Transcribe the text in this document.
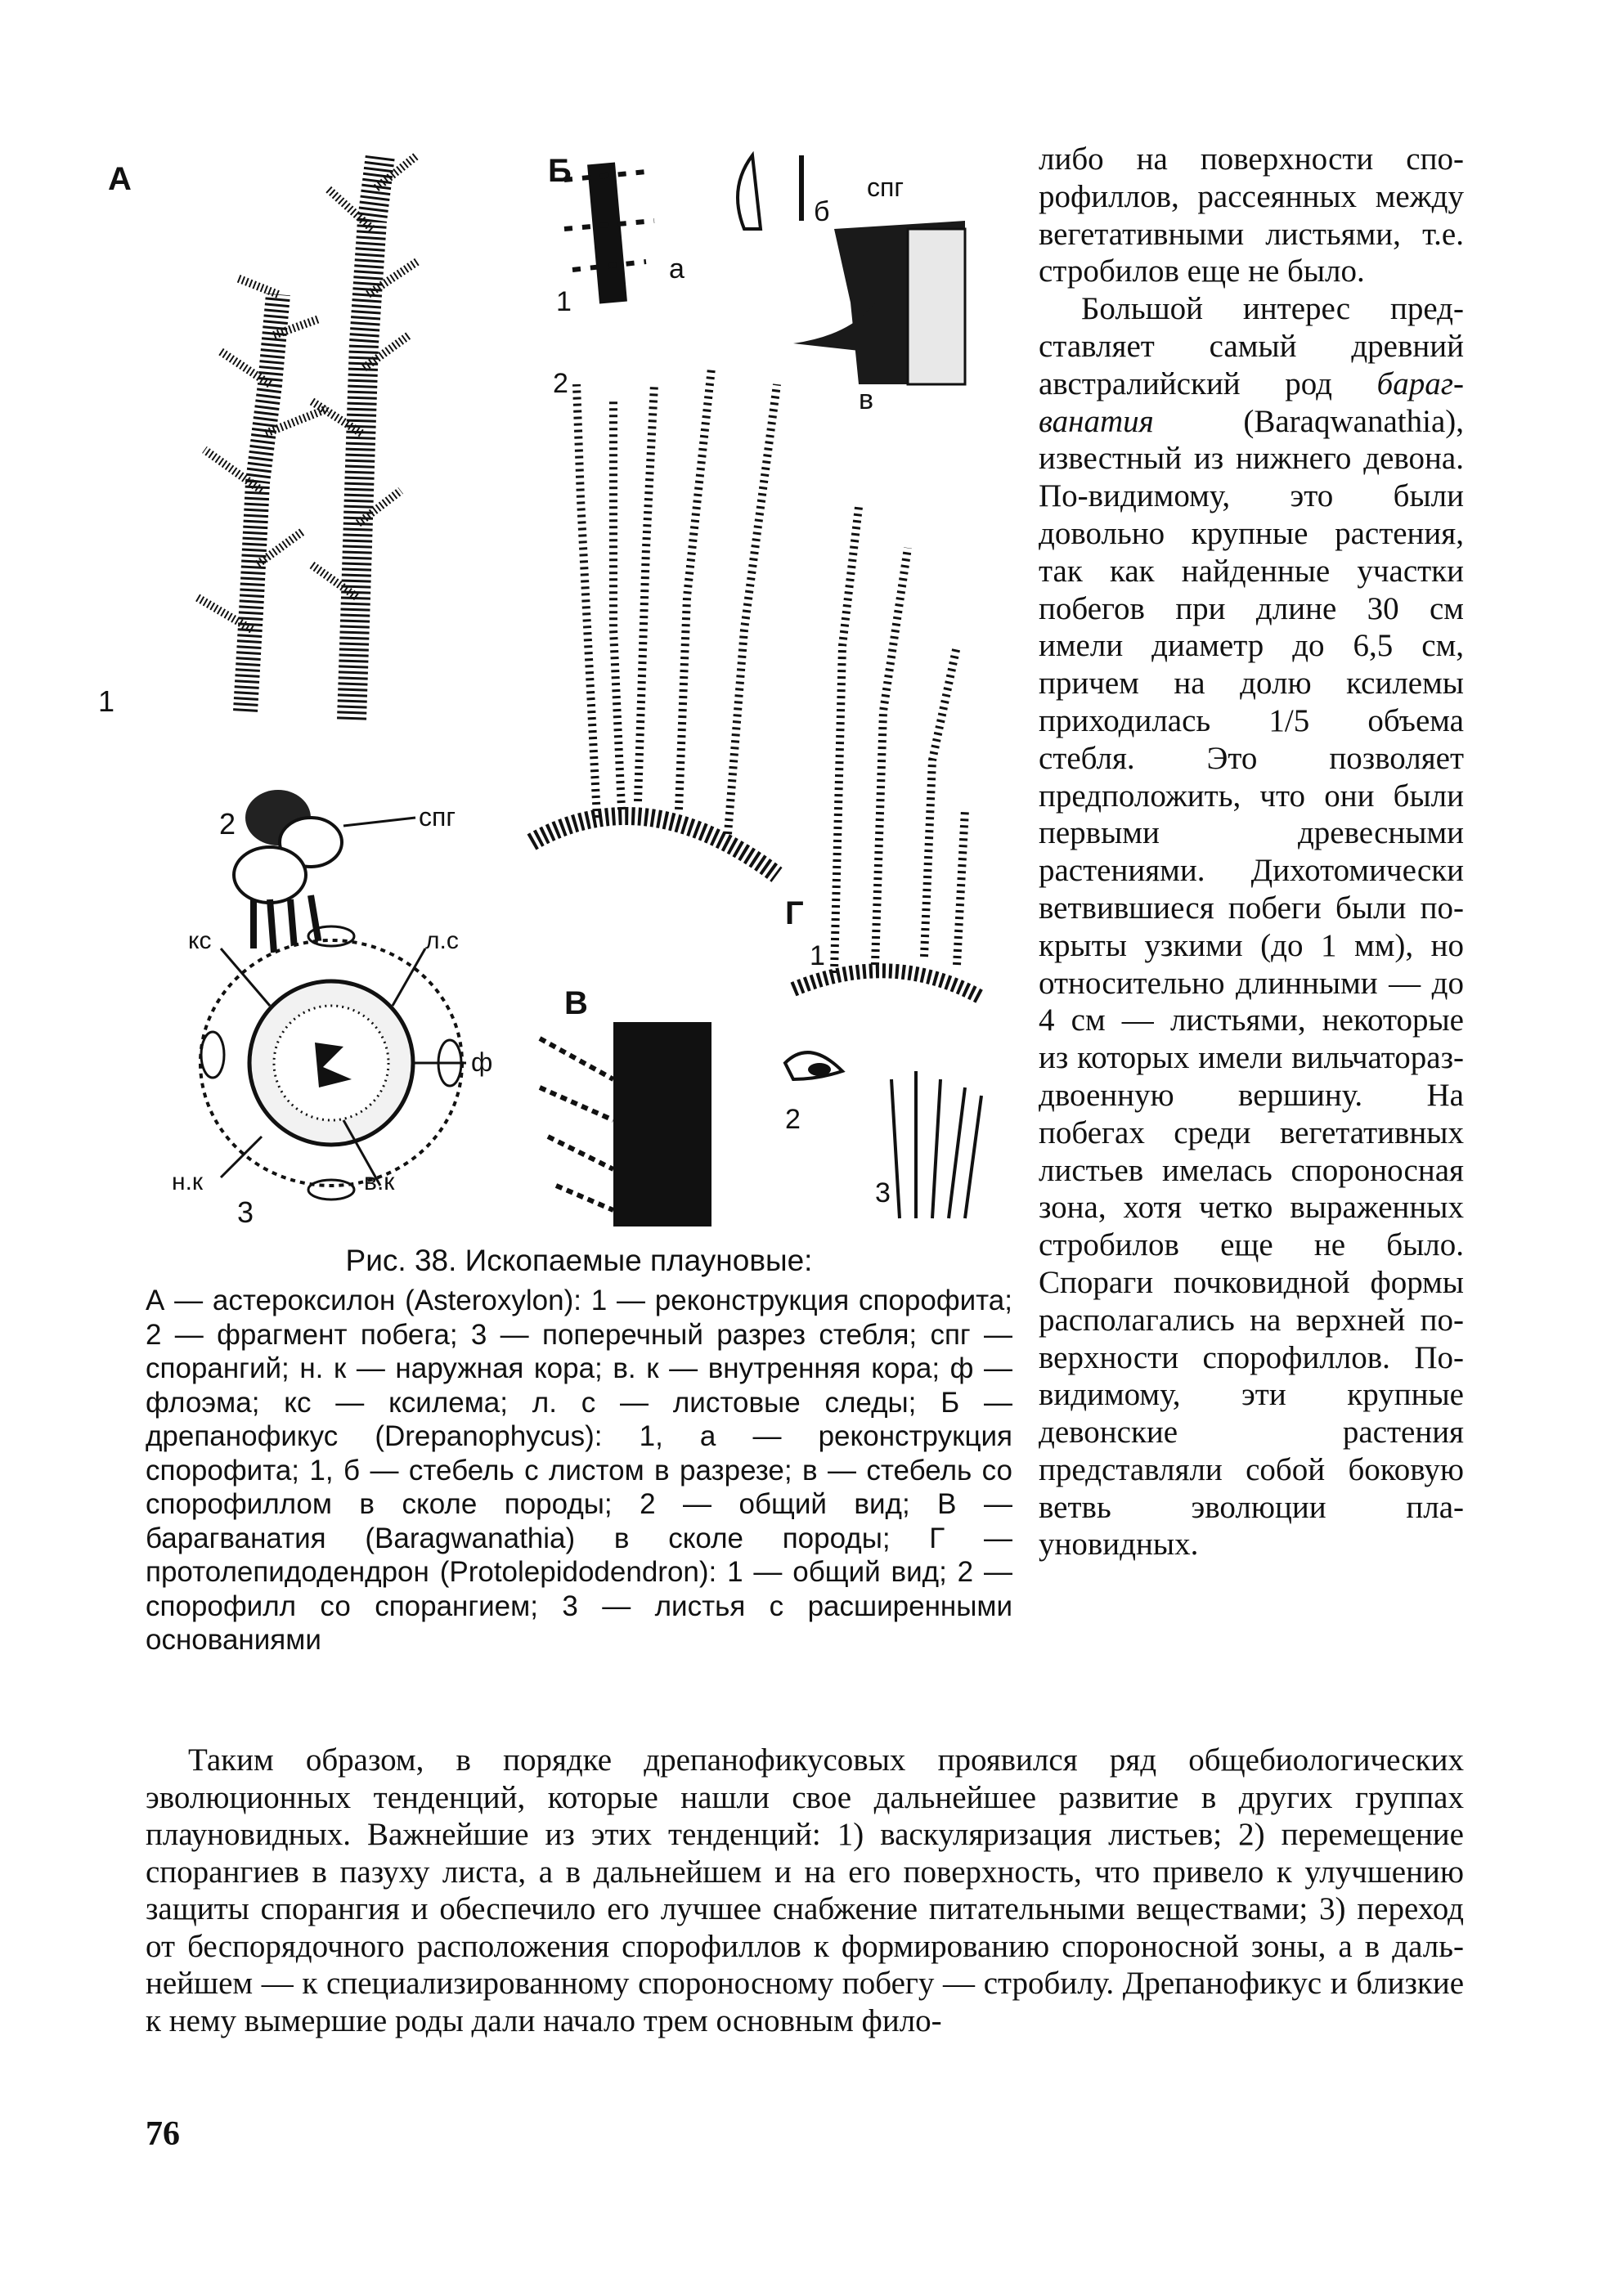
А
1
2	спг
кс	л.с
ф
н.к	в.к
3
Б
1
а
б
спг
в
2
В
Г
1
2
3
Рис. 38. Ископаемые плауновые:
А — астероксилон (Asteroxylon): 1 — реконструкция спорофита; 2 — фрагмент побега; 3 — поперечный разрез стебля; спг — спорангий; н. к — наружная кора; в. к — внутренняя кора; ф — флоэма; кс — ксилема; л. с — листовые следы; Б — дрепанофикус (Drepanophycus): 1, а — реконструкция спорофита; 1, б — стебель с листом в разрезе; в — стебель со спорофиллом в сколе породы; 2 — общий вид; В — барагванатия (Baragwanathia) в сколе породы; Г — протолепидодендрон (Protolepidodendron): 1 — общий вид; 2 — спорофилл со спорангием; 3 — листья с расширенными основаниями

либо на поверхности спорофиллов, рассеянных между вегетативными листьями, т.е. стробилов еще не было.

Большой интерес представляет самый древний австралийский род барагванатия (Baraqwanathia), известный из нижнего девона. По-видимому, это были довольно крупные растения, так как найденные участки побегов при длине 30 см имели диаметр до 6,5 см, причем на долю ксилемы приходилась 1/5 объема стебля. Это позволяет предположить, что они были первыми древесными растениями. Дихотомически ветвившиеся побеги были покрыты узкими (до 1 мм), но относительно длинными — до 4 см — листьями, некоторые из которых имели вильчатораздвоенную вершину. На побегах среди вегетативных листьев имелась спороносная зона, хотя четко выраженных стробилов еще не было. Спораги почковидной формы располагались на верхней поверхности спорофиллов. По-видимому, эти крупные девонские растения представляли собой боковую ветвь эволюции плауновидных.

Таким образом, в порядке дрепанофикусовых проявился ряд общебиологических эволюционных тенденций, которые нашли свое дальнейшее развитие в других группах плауновидных. Важнейшие из этих тенденций: 1) васкуляризация листьев; 2) перемещение спорангиев в пазуху листа, а в дальнейшем и на его поверхность, что привело к улучшению защиты спорангия и обеспечило его лучшее снабжение питательными веществами; 3) переход от беспорядочного расположения спорофиллов к формированию спороносной зоны, а в дальнейшем — к специализированному спороносному побегу — стробилу. Дрепанофикус и близкие к нему вымершие роды дали начало трем основным фило-
76
